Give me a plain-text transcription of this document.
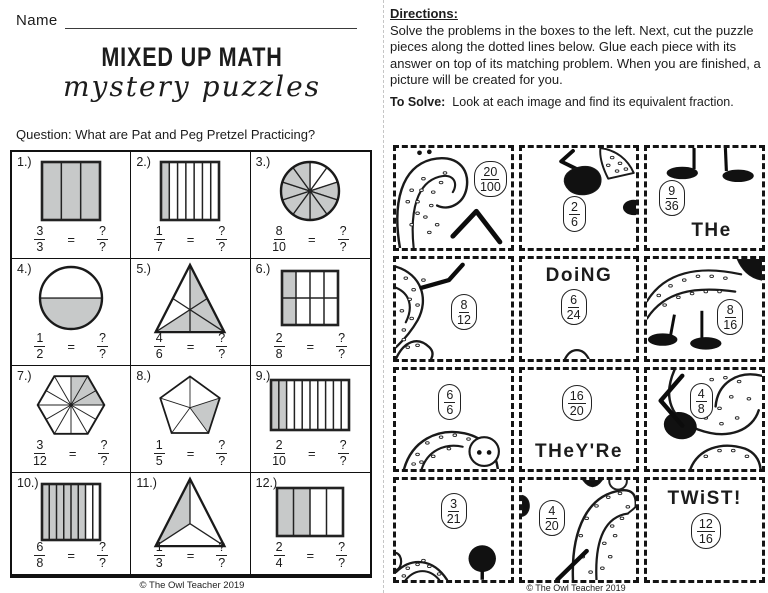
Name
MIXED UP MATH
mystery puzzles
Question: What are Pat and Peg Pretzel Practicing?
1.)
$\frac{3}{3} = \frac{?}{?}$
2.)
$\frac{1}{7} = \frac{?}{?}$
3.)
$\frac{8}{10} = \frac{?}{?}$
4.)
$\frac{1}{2} = \frac{?}{?}$
5.)
$\frac{4}{6} = \frac{?}{?}$
6.)
$\frac{2}{8} = \frac{?}{?}$
7.)
$\frac{3}{12} = \frac{?}{?}$
8.)
$\frac{1}{5} = \frac{?}{?}$
9.)
$\frac{2}{10} = \frac{?}{?}$
10.)
$\frac{6}{8} = \frac{?}{?}$
11.)
$\frac{1}{3} = \frac{?}{?}$
12.)
$\frac{2}{4} = \frac{?}{?}$
© The Owl Teacher 2019
Directions:
Solve the problems in the boxes to the left. Next, cut the puzzle pieces along the dotted lines below. Glue each piece with its answer on top of its matching problem. When you are finished, a picture will be created for you.
To Solve: Look at each image and find its equivalent fraction.
20
100
2
6
9
36
THe
8
12
6
24
DoiNG
8
16
6
6
16
20
THeY'Re
4
8
3
21
4
20	12
16
TWiST!
© The Owl Teacher 2019
